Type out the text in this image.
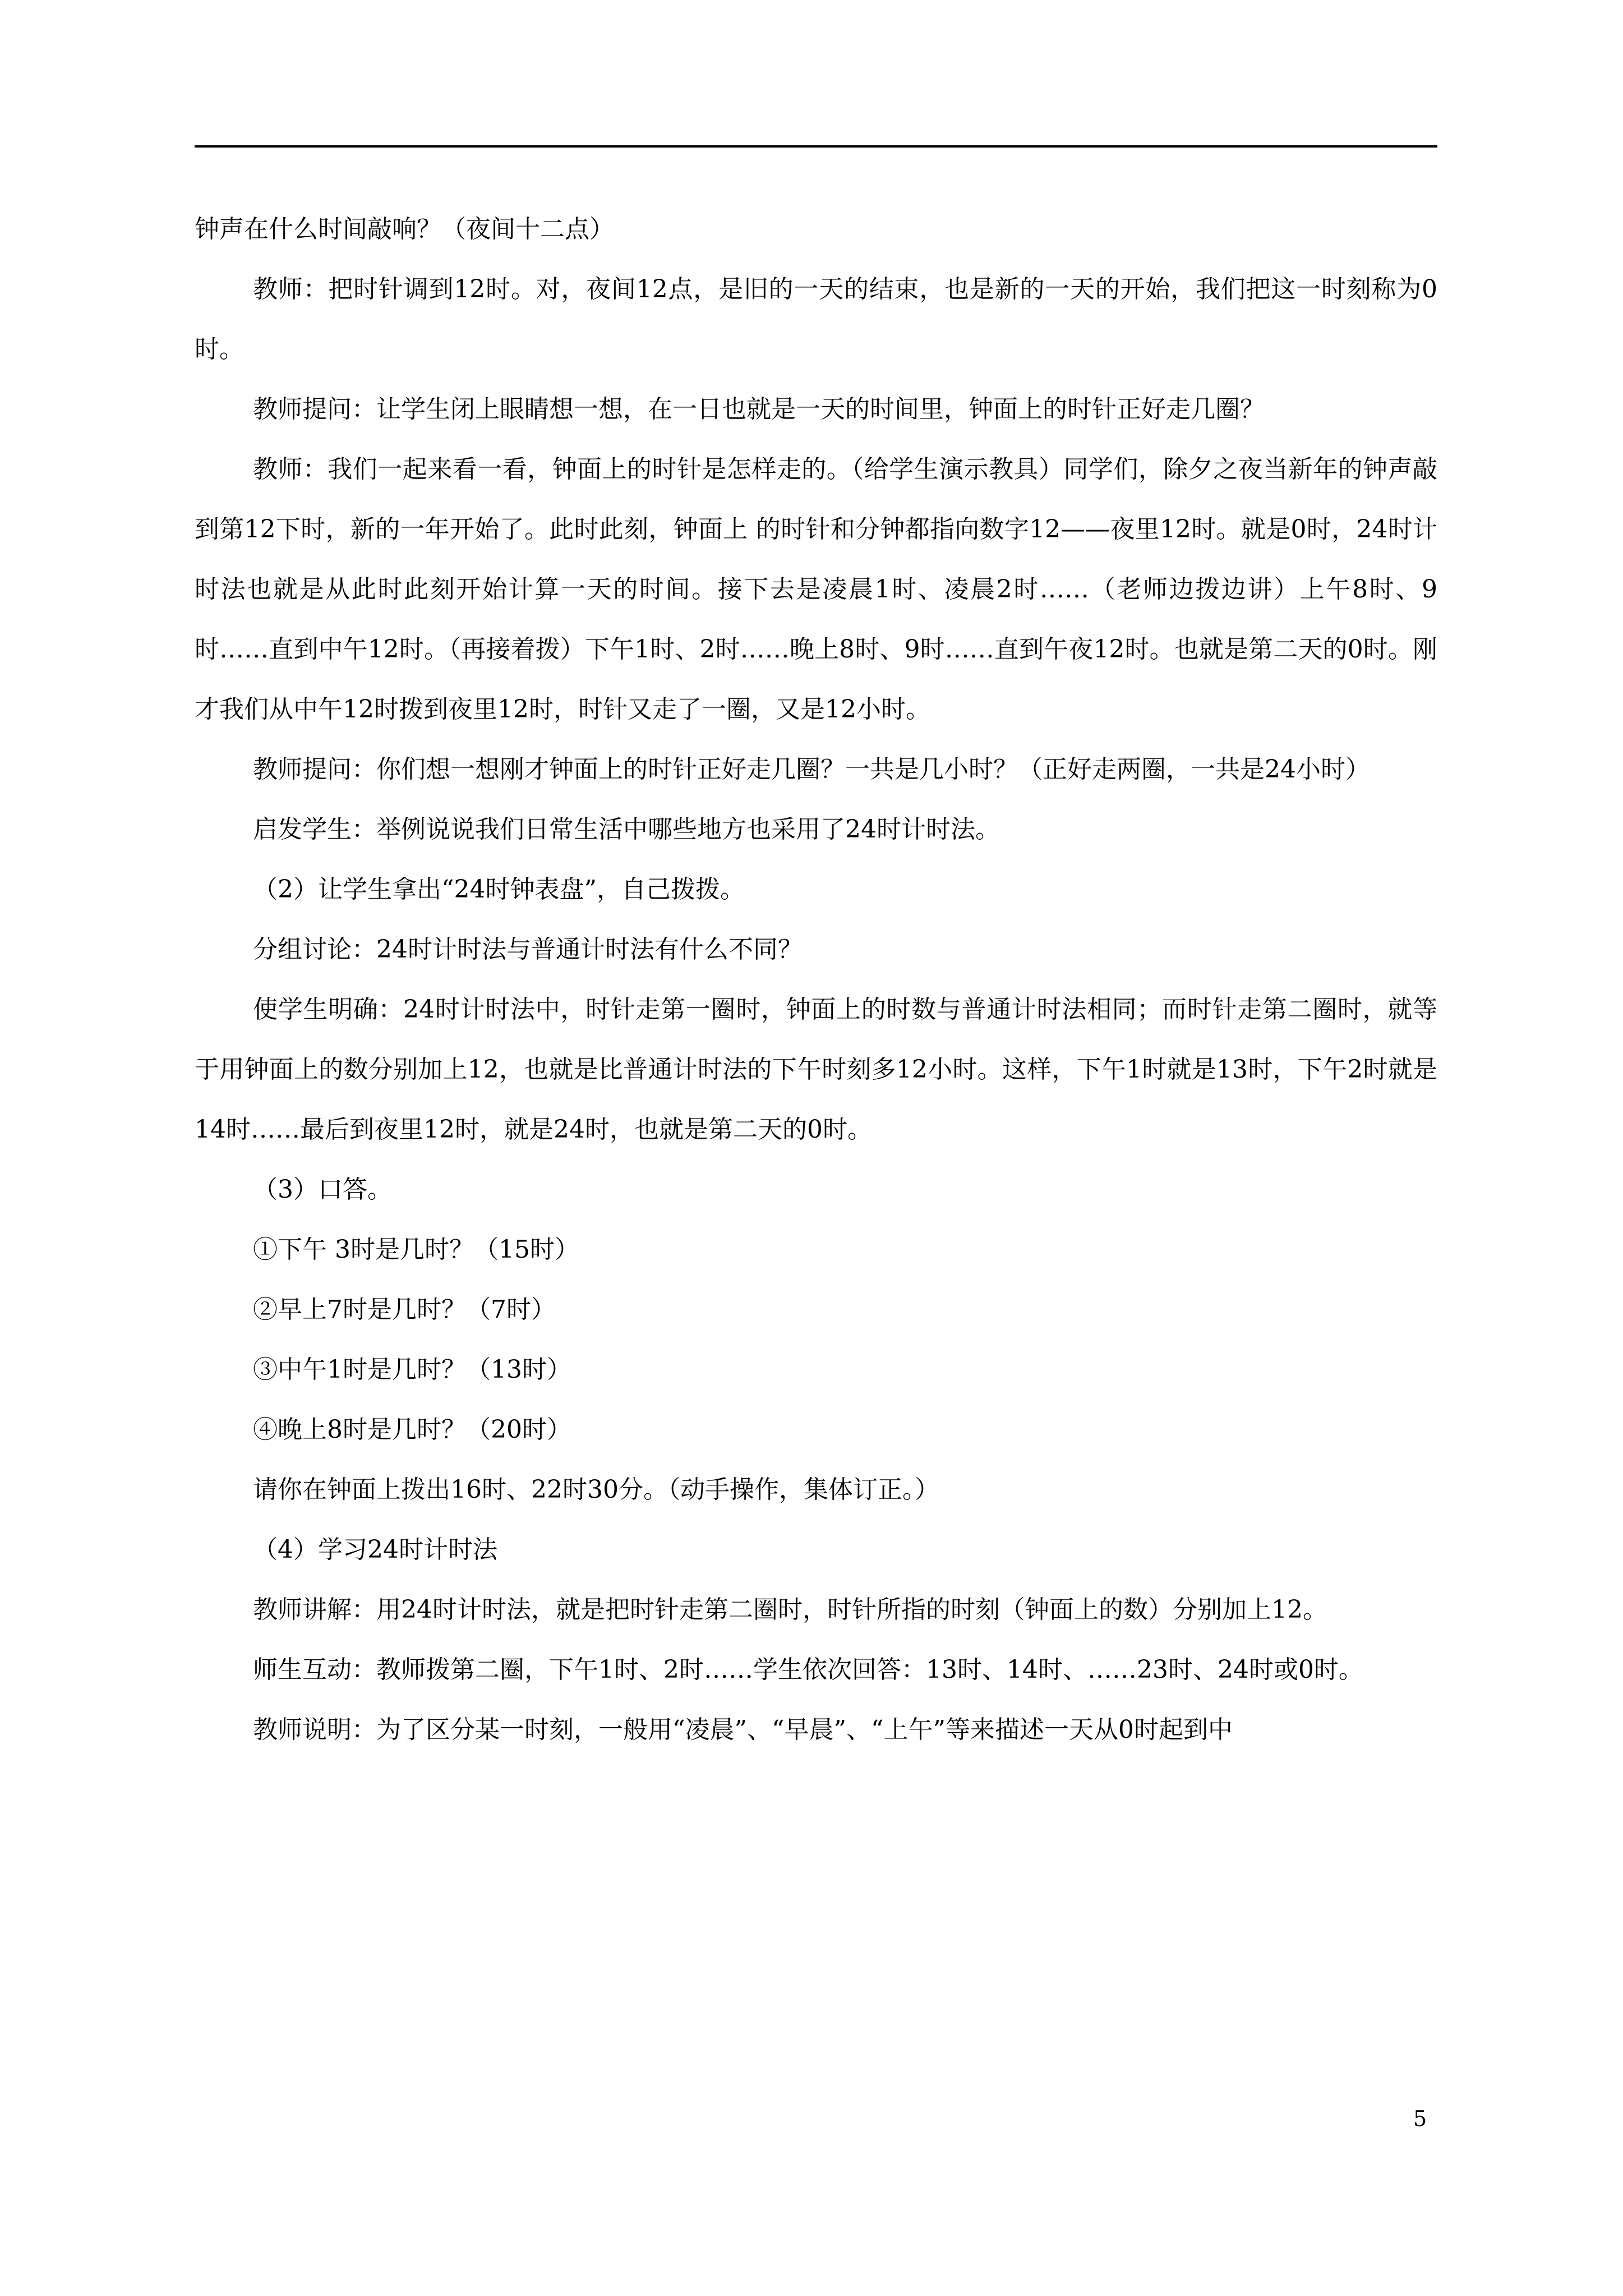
钟声在什么时间敲响？（夜间十二点）

教师：把时针调到12时。对，夜间12点，是旧的一天的结束，也是新的一天的开始，我们把这一时刻称为0时。

教师提问：让学生闭上眼睛想一想，在一日也就是一天的时间里，钟面上的时针正好走几圈？

教师：我们一起来看一看，钟面上的时针是怎样走的。（给学生演示教具）同学们，除夕之夜当新年的钟声敲到第12下时，新的一年开始了。此时此刻，钟面上 的时针和分钟都指向数字12——夜里12时。就是0时，24时计时法也就是从此时此刻开始计算一天的时间。接下去是凌晨1时、凌晨2时……（老师边拨边讲）上午8时、9时……直到中午12时。（再接着拨）下午1时、2时……晚上8时、9时……直到午夜12时。也就是第二天的0时。刚才我们从中午12时拨到夜里12时，时针又走了一圈，又是12小时。

教师提问：你们想一想刚才钟面上的时针正好走几圈？一共是几小时？（正好走两圈，一共是24小时）

启发学生：举例说说我们日常生活中哪些地方也采用了24时计时法。

（2）让学生拿出“24时钟表盘”，自己拨拨。

分组讨论：24时计时法与普通计时法有什么不同？

使学生明确：24时计时法中，时针走第一圈时，钟面上的时数与普通计时法相同；而时针走第二圈时，就等于用钟面上的数分别加上12，也就是比普通计时法的下午时刻多12小时。这样，下午1时就是13时，下午2时就是14时……最后到夜里12时，就是24时，也就是第二天的0时。

（3）口答。

①下午 3时是几时？（15时）

②早上7时是几时？（7时）

③中午1时是几时？（13时）

④晚上8时是几时？（20时）

请你在钟面上拨出16时、22时30分。（动手操作，集体订正。）

（4）学习24时计时法

教师讲解：用24时计时法，就是把时针走第二圈时，时针所指的时刻（钟面上的数）分别加上12。

师生互动：教师拨第二圈，下午1时、2时……学生依次回答：13时、14时、……23时、24时或0时。

教师说明：为了区分某一时刻，一般用“凌晨”、“早晨”、“上午”等来描述一天从0时起到中

5
